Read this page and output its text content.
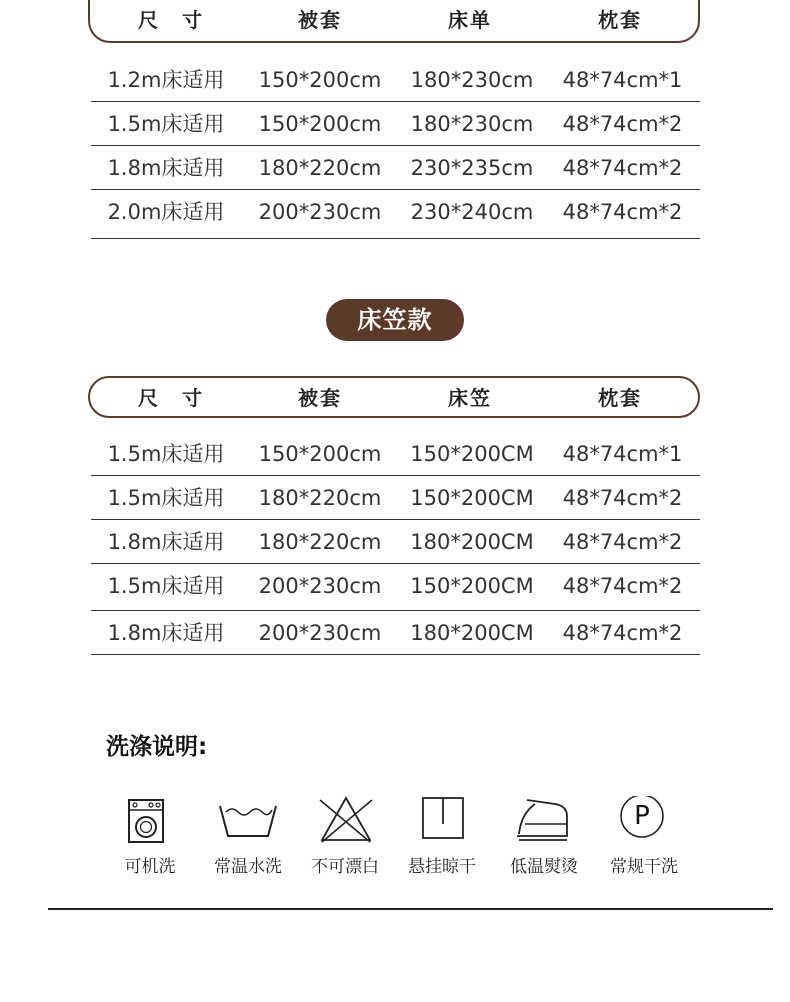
尺　寸	被套	床单	枕套
1.2m床适用	150*200cm	180*230cm	48*74cm*1
1.5m床适用	150*200cm	180*230cm	48*74cm*2
1.8m床适用	180*220cm	230*235cm	48*74cm*2
2.0m床适用	200*230cm	230*240cm	48*74cm*2
床笠款
尺　寸	被套	床笠	枕套
1.5m床适用	150*200cm	150*200CM	48*74cm*1
1.5m床适用	180*220cm	150*200CM	48*74cm*2
1.8m床适用	180*220cm	180*200CM	48*74cm*2
1.5m床适用	200*230cm	150*200CM	48*74cm*2
1.8m床适用	200*230cm	180*200CM	48*74cm*2
洗涤说明:
可机洗	常温水洗	不可漂白	悬挂晾干	低温熨烫
P
常规干洗
